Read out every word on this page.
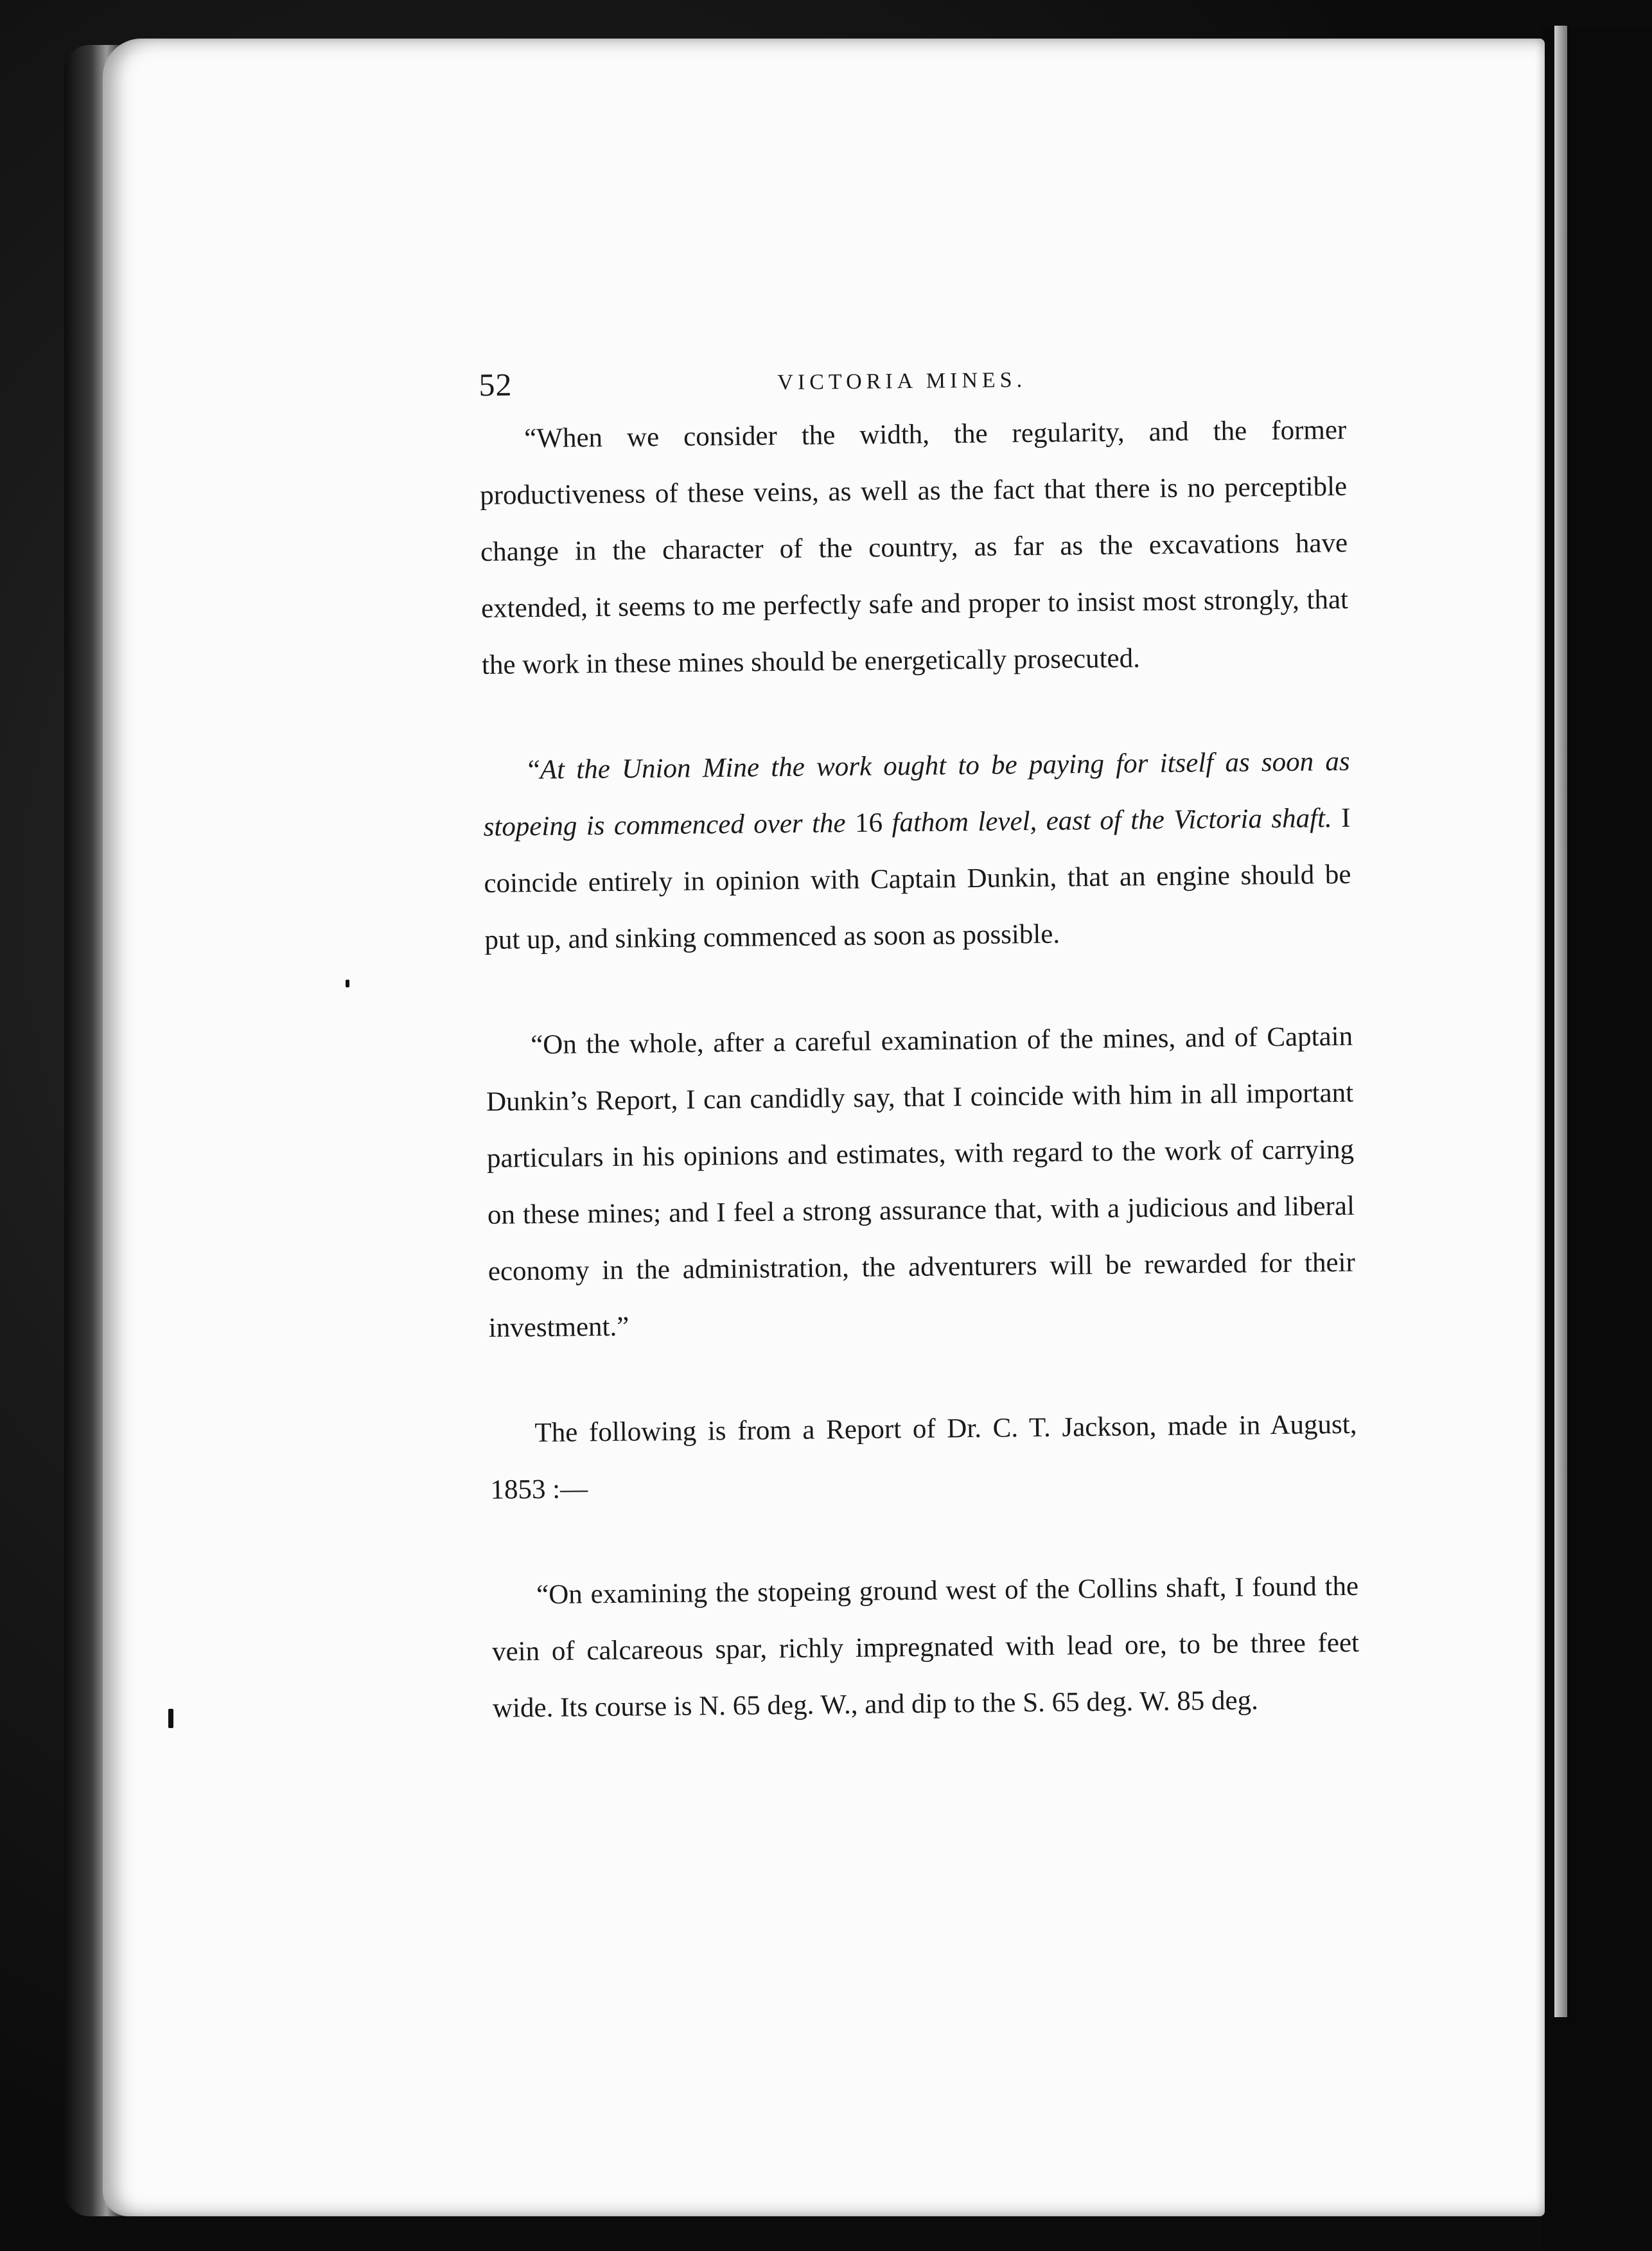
52	VICTORIA MINES.

“When we consider the width, the regularity, and the former productiveness of these veins, as well as the fact that there is no perceptible change in the character of the country, as far as the excavations have extended, it seems to me perfectly safe and proper to insist most strongly, that the work in these mines should be energetically prosecuted.

“At the Union Mine the work ought to be paying for itself as soon as stopeing is commenced over the 16 fathom level, east of the Victoria shaft. I coincide entirely in opinion with Captain Dunkin, that an engine should be put up, and sinking commenced as soon as possible.

“On the whole, after a careful examination of the mines, and of Captain Dunkin’s Report, I can candidly say, that I coincide with him in all important particulars in his opinions and estimates, with regard to the work of carrying on these mines; and I feel a strong assurance that, with a judicious and liberal economy in the administration, the adventurers will be rewarded for their investment.”

The following is from a Report of Dr. C. T. Jackson, made in August, 1853 :—

“On examining the stopeing ground west of the Collins shaft, I found the vein of calcareous spar, richly impregnated with lead ore, to be three feet wide. Its course is N. 65 deg. W., and dip to the S. 65 deg. W. 85 deg.
